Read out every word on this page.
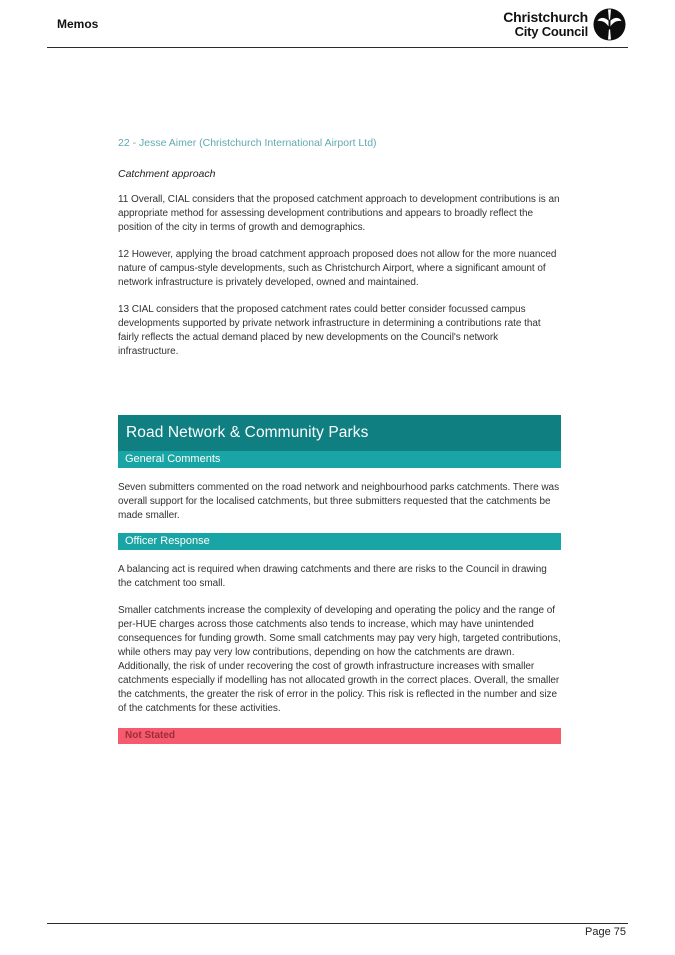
Memos	Christchurch
City Council
22 - Jesse Aimer (Christchurch International Airport Ltd)
Catchment approach

11 Overall, CIAL considers that the proposed catchment approach to development contributions is an appropriate method for assessing development contributions and appears to broadly reflect the position of the city in terms of growth and demographics.

12 However, applying the broad catchment approach proposed does not allow for the more nuanced nature of campus-style developments, such as Christchurch Airport, where a significant amount of network infrastructure is privately developed, owned and maintained.

13 CIAL considers that the proposed catchment rates could better consider focussed campus developments supported by private network infrastructure in determining a contributions rate that fairly reflects the actual demand placed by new developments on the Council's network infrastructure.

Road Network & Community Parks
General Comments

Seven submitters commented on the road network and neighbourhood parks catchments. There was overall support for the localised catchments, but three submitters requested that the catchments be made smaller.

Officer Response

A balancing act is required when drawing catchments and there are risks to the Council in drawing the catchment too small.

Smaller catchments increase the complexity of developing and operating the policy and the range of per-HUE charges across those catchments also tends to increase, which may have unintended consequences for funding growth. Some small catchments may pay very high, targeted contributions, while others may pay very low contributions, depending on how the catchments are drawn. Additionally, the risk of under recovering the cost of growth infrastructure increases with smaller catchments especially if modelling has not allocated growth in the correct places. Overall, the smaller the catchments, the greater the risk of error in the policy. This risk is reflected in the number and size of the catchments for these activities.

Not Stated
Page 75
